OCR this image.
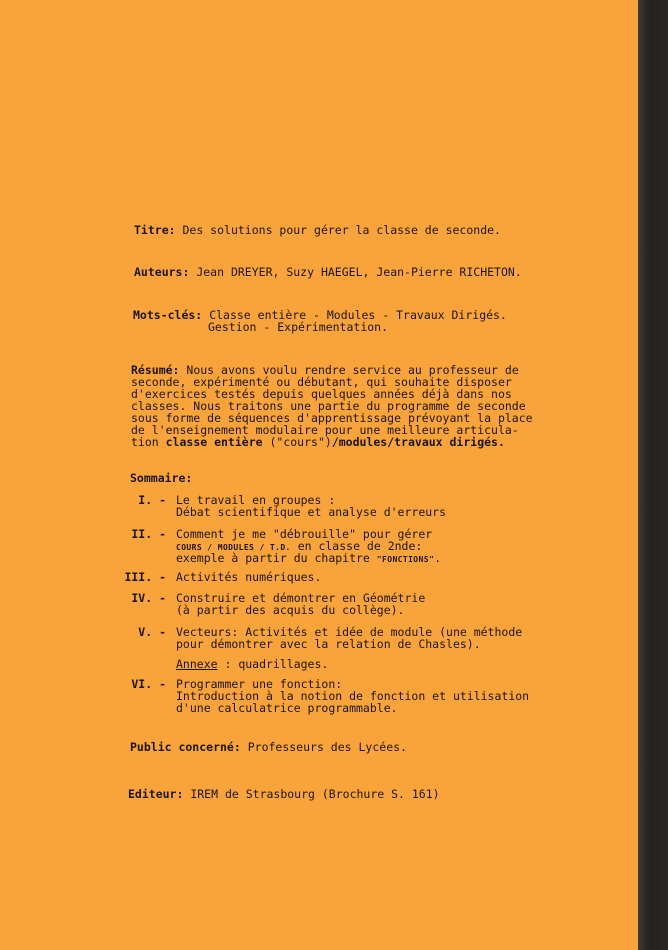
Titre: Des solutions pour gérer la classe de seconde.
Auteurs: Jean DREYER, Suzy HAEGEL, Jean-Pierre RICHETON.
Mots-clés: Classe entière - Modules - Travaux Dirigés.
Gestion - Expérimentation.
Résumé: Nous avons voulu rendre service au professeur de
seconde, expérimenté ou débutant, qui souhaite disposer
d'exercices testés depuis quelques années déjà dans nos
classes. Nous traitons une partie du programme de seconde
sous forme de séquences d'apprentissage prévoyant la place
de l'enseignement modulaire pour une meilleure articula-
tion classe entière ("cours")/modules/travaux dirigés.
Sommaire:
I. - Le travail en groupes :
Débat scientifique et analyse d'erreurs
II. - Comment je me "débrouille" pour gérer
COURS / MODULES / T.D. en classe de 2nde:
exemple à partir du chapitre "FONCTIONS".
III. - Activités numériques.
IV. - Construire et démontrer en Géométrie
(à partir des acquis du collège).
V. - Vecteurs: Activités et idée de module (une méthode
pour démontrer avec la relation de Chasles).
Annexe : quadrillages.
VI. - Programmer une fonction:
Introduction à la notion de fonction et utilisation
d'une calculatrice programmable.
Public concerné: Professeurs des Lycées.
Editeur: IREM de Strasbourg (Brochure S. 161)
